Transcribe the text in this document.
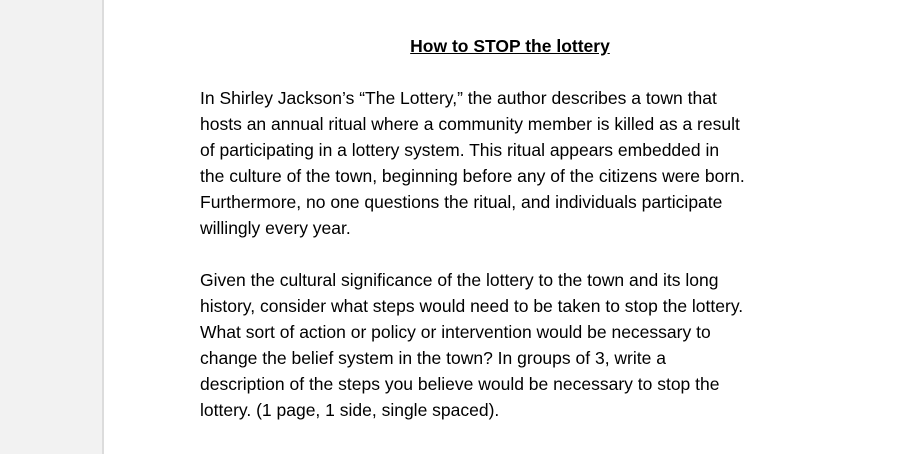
How to STOP the lottery

In Shirley Jackson’s “The Lottery,” the author describes a town that
hosts an annual ritual where a community member is killed as a result
of participating in a lottery system. This ritual appears embedded in
the culture of the town, beginning before any of the citizens were born.
Furthermore, no one questions the ritual, and individuals participate
willingly every year.

Given the cultural significance of the lottery to the town and its long
history, consider what steps would need to be taken to stop the lottery.
What sort of action or policy or intervention would be necessary to
change the belief system in the town? In groups of 3, write a
description of the steps you believe would be necessary to stop the
lottery. (1 page, 1 side, single spaced).
